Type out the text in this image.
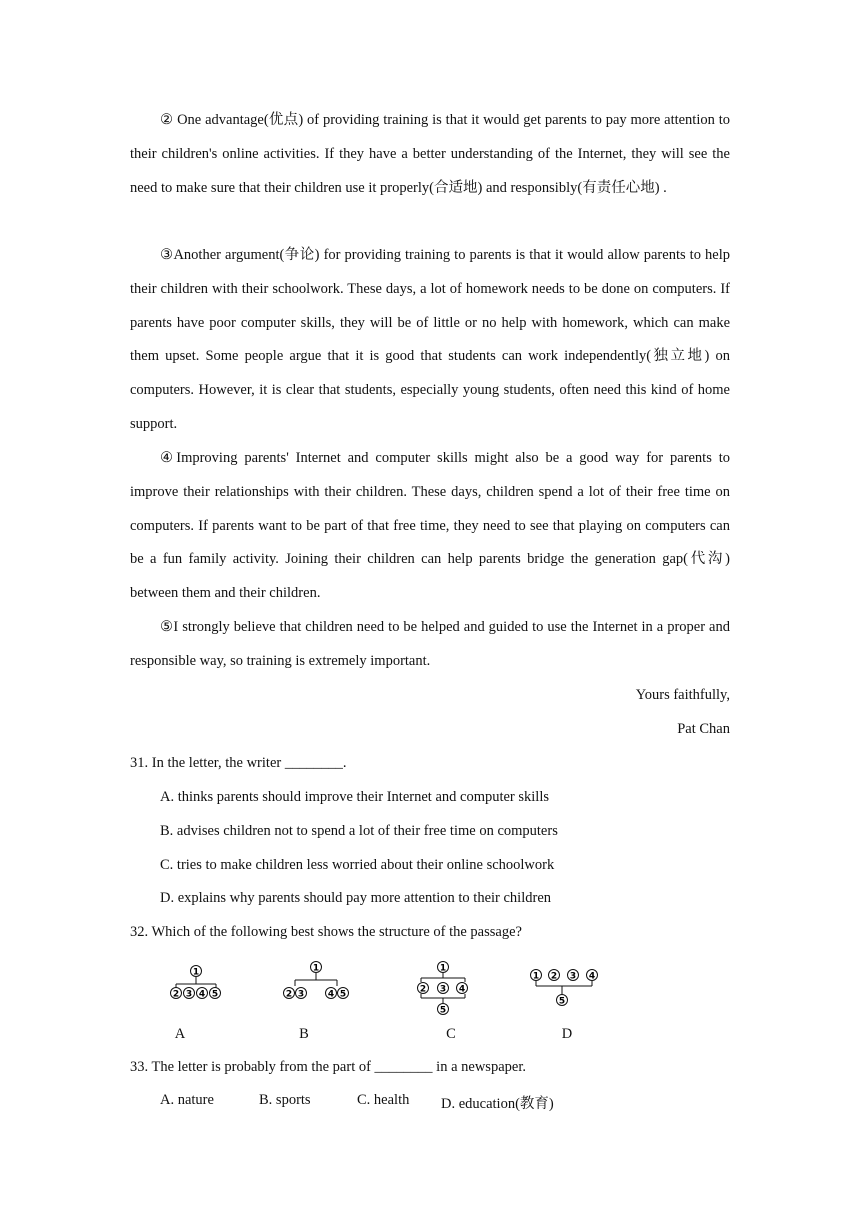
② One advantage(优点) of providing training is that it would get parents to pay more attention to their children's online activities. If they have a better understanding of the Internet, they will see the need to make sure that their children use it properly(合适地) and responsibly(有责任心地) .

③Another argument(争论) for providing training to parents is that it would allow parents to help their children with their schoolwork. These days, a lot of homework needs to be done on computers. If parents have poor computer skills, they will be of little or no help with homework, which can make them upset. Some people argue that it is good that students can work independently(独立地) on computers. However, it is clear that students, especially young students, often need this kind of home support.

④Improving parents' Internet and computer skills might also be a good way for parents to improve their relationships with their children. These days, children spend a lot of their free time on computers. If parents want to be part of that free time, they need to see that playing on computers can be a fun family activity. Joining their children can help parents bridge the generation gap(代沟) between them and their children.

⑤I strongly believe that children need to be helped and guided to use the Internet in a proper and responsible way, so training is extremely important.

Yours faithfully,
Pat Chan

31. In the letter, the writer ________.

A. thinks parents should improve their Internet and computer skills

B. advises children not to spend a lot of their free time on computers

C. tries to make children less worried about their online schoolwork

D. explains why parents should pay more attention to their children

32. Which of the following best shows the structure of the passage?

1
2 3 4 5
1
2 3	4 5
1
2 3 4
5
1 2 3 4
5
A	B	C	D

33. The letter is probably from the part of ________ in a newspaper.

A. nature	B. sports	C. health D. education(教育)
